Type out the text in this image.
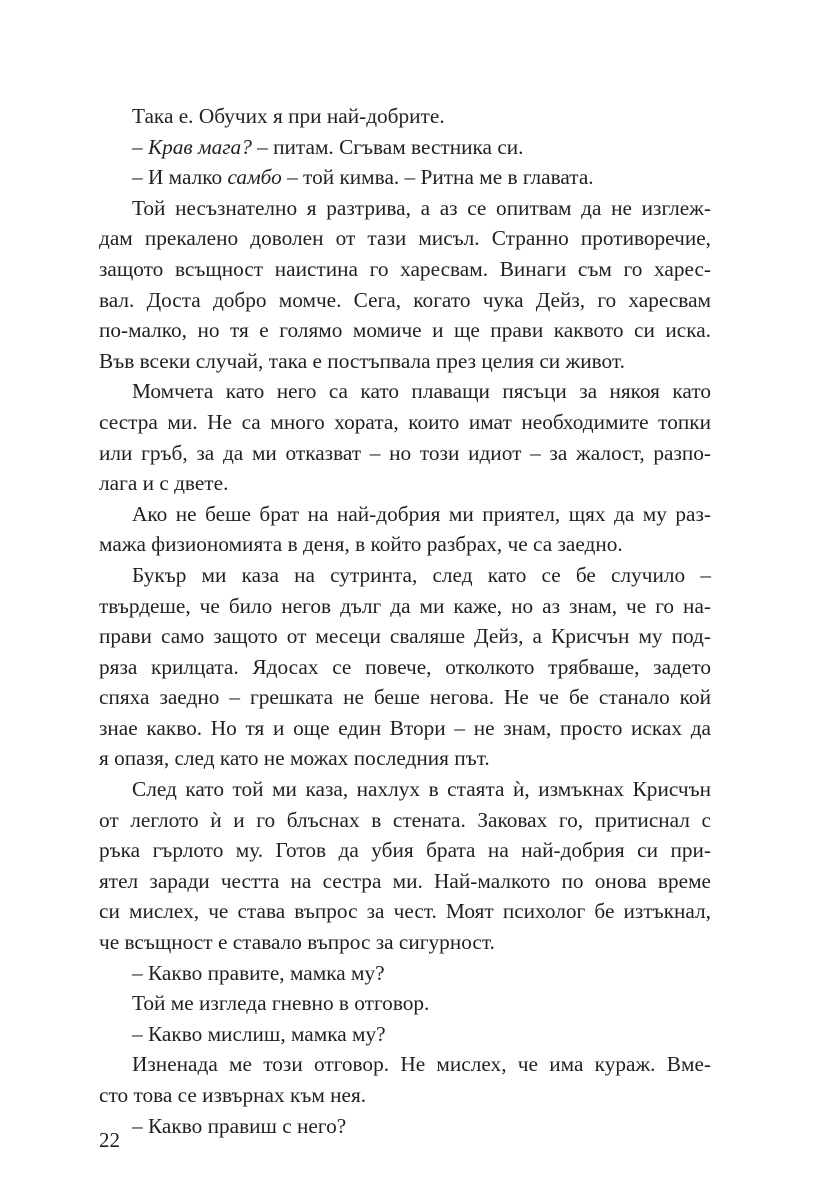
Така е. Обучих я при най-добрите.
– Крав мага? – питам. Сгъвам вестника си.
– И малко самбо – той кимва. – Ритна ме в главата.
Той несъзнателно я разтрива, а аз се опитвам да не изглеж-
дам прекалено доволен от тази мисъл. Странно противоречие,
защото всъщност наистина го харесвам. Винаги съм го харес-
вал. Доста добро момче. Сега, когато чука Дейз, го харесвам
по-малко, но тя е голямо момиче и ще прави каквото си иска.
Във всеки случай, така е постъпвала през целия си живот.
Момчета като него са като плаващи пясъци за някоя като
сестра ми. Не са много хората, които имат необходимите топки
или гръб, за да ми отказват – но този идиот – за жалост, разпо-
лага и с двете.
Ако не беше брат на най-добрия ми приятел, щях да му раз-
мажа физиономията в деня, в който разбрах, че са заедно.
Букър ми каза на сутринта, след като се бе случило –
твърдеше, че било негов дълг да ми каже, но аз знам, че го на-
прави само защото от месеци сваляше Дейз, а Крисчън му под-
ряза крилцата. Ядосах се повече, отколкото трябваше, задето
спяха заедно – грешката не беше негова. Не че бе станало кой
знае какво. Но тя и още един Втори – не знам, просто исках да
я опазя, след като не можах последния път.
След като той ми каза, нахлух в стаята ѝ, измъкнах Крисчън
от леглото ѝ и го блъснах в стената. Заковах го, притиснал с
ръка гърлото му. Готов да убия брата на най-добрия си при-
ятел заради честта на сестра ми. Най-малкото по онова време
си мислех, че става въпрос за чест. Моят психолог бе изтъкнал,
че всъщност е ставало въпрос за сигурност.
– Какво правите, мамка му?
Той ме изгледа гневно в отговор.
– Какво мислиш, мамка му?
Изненада ме този отговор. Не мислех, че има кураж. Вме-
сто това се извърнах към нея.
– Какво правиш с него?
22
